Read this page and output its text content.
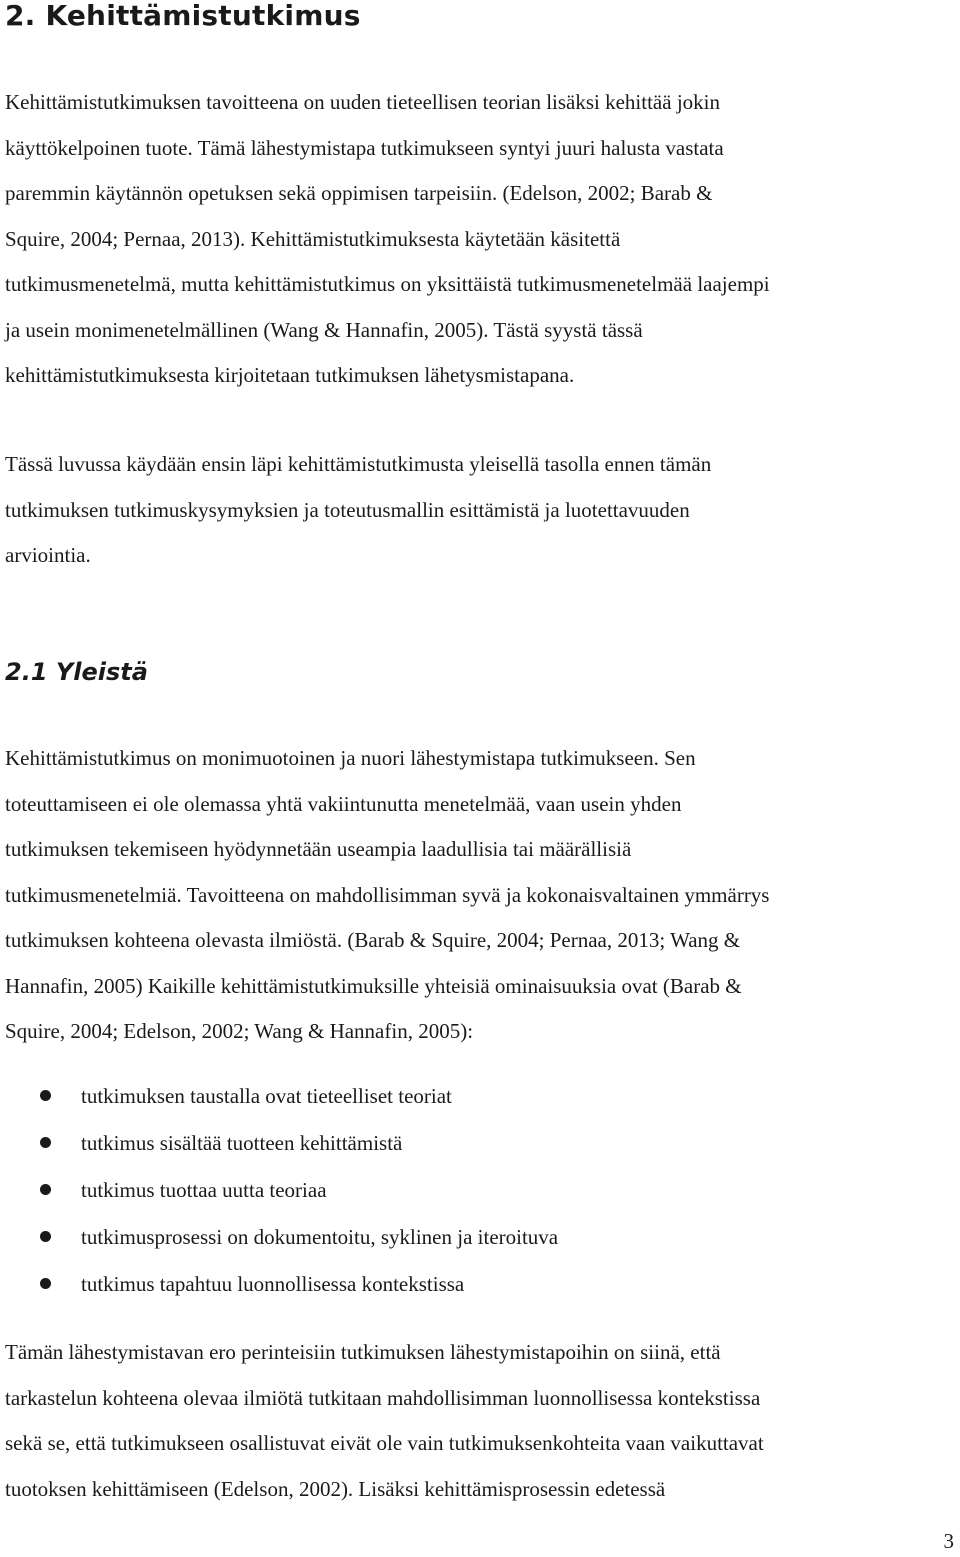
2. Kehittämistutkimus
Kehittämistutkimuksen tavoitteena on uuden tieteellisen teorian lisäksi kehittää jokin
käyttökelpoinen tuote. Tämä lähestymistapa tutkimukseen syntyi juuri halusta vastata
paremmin käytännön opetuksen sekä oppimisen tarpeisiin. (Edelson, 2002; Barab &
Squire, 2004; Pernaa, 2013). Kehittämistutkimuksesta käytetään käsitettä
tutkimusmenetelmä, mutta kehittämistutkimus on yksittäistä tutkimusmenetelmää laajempi
ja usein monimenetelmällinen (Wang & Hannafin, 2005). Tästä syystä tässä
kehittämistutkimuksesta kirjoitetaan tutkimuksen lähetysmistapana.
Tässä luvussa käydään ensin läpi kehittämistutkimusta yleisellä tasolla ennen tämän
tutkimuksen tutkimuskysymyksien ja toteutusmallin esittämistä ja luotettavuuden
arviointia.
2.1 Yleistä
Kehittämistutkimus on monimuotoinen ja nuori lähestymistapa tutkimukseen. Sen
toteuttamiseen ei ole olemassa yhtä vakiintunutta menetelmää, vaan usein yhden
tutkimuksen tekemiseen hyödynnetään useampia laadullisia tai määrällisiä
tutkimusmenetelmiä. Tavoitteena on mahdollisimman syvä ja kokonaisvaltainen ymmärrys
tutkimuksen kohteena olevasta ilmiöstä. (Barab & Squire, 2004; Pernaa, 2013; Wang &
Hannafin, 2005) Kaikille kehittämistutkimuksille yhteisiä ominaisuuksia ovat (Barab &
Squire, 2004; Edelson, 2002; Wang & Hannafin, 2005):
tutkimuksen taustalla ovat tieteelliset teoriat
tutkimus sisältää tuotteen kehittämistä
tutkimus tuottaa uutta teoriaa
tutkimusprosessi on dokumentoitu, syklinen ja iteroituva
tutkimus tapahtuu luonnollisessa kontekstissa
Tämän lähestymistavan ero perinteisiin tutkimuksen lähestymistapoihin on siinä, että
tarkastelun kohteena olevaa ilmiötä tutkitaan mahdollisimman luonnollisessa kontekstissa
sekä se, että tutkimukseen osallistuvat eivät ole vain tutkimuksenkohteita vaan vaikuttavat
tuotoksen kehittämiseen (Edelson, 2002). Lisäksi kehittämisprosessin edetessä
3
